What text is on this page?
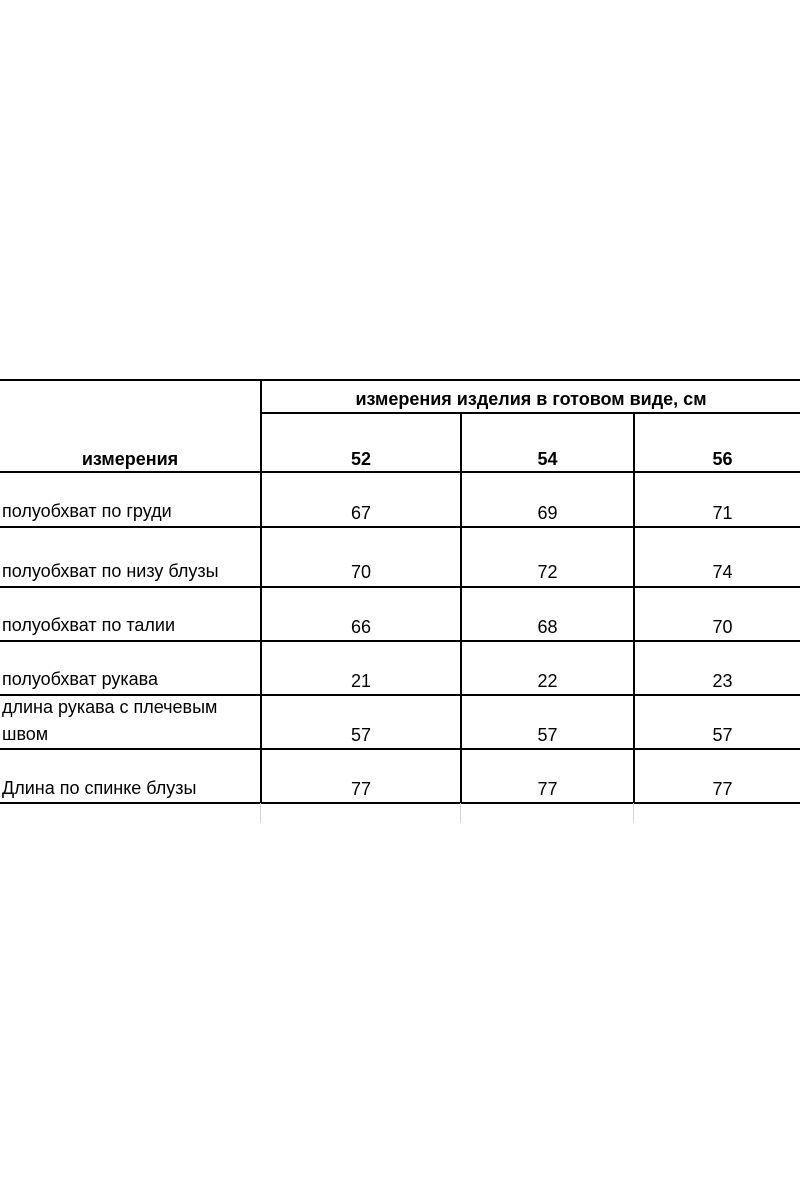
измерения изделия в готовом виде, см
измерения	52	54	56
полуобхват по груди	67	69	71
полуобхват по низу блузы	70	72	74
полуобхват по талии	66	68	70
полуобхват рукава	21	22	23
длина рукава с плечевым
швом	57	57	57
Длина по спинке блузы	77	77	77
